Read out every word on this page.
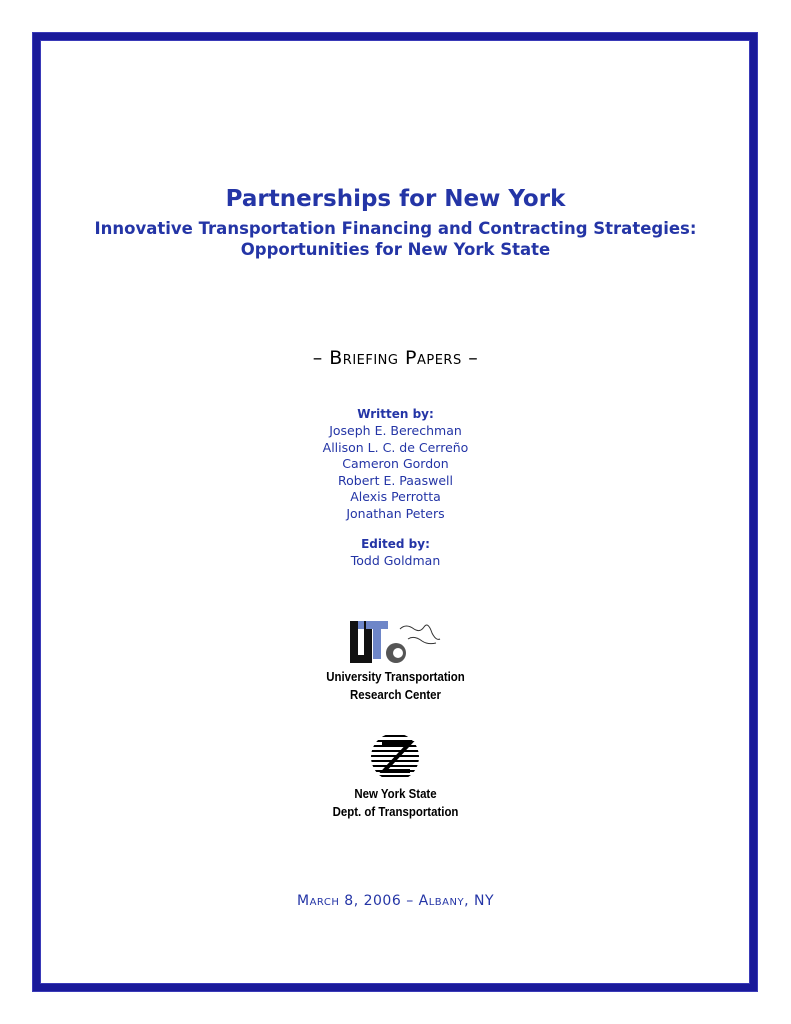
Partnerships for New York
Innovative Transportation Financing and Contracting Strategies:
Opportunities for New York State
– Briefing Papers –
Written by:
Joseph E. Berechman
Allison L. C. de Cerreño
Cameron Gordon
Robert E. Paaswell
Alexis Perrotta
Jonathan Peters
Edited by:
Todd Goldman
University Transportation
Research Center
New York State
Dept. of Transportation
March 8, 2006 – Albany, NY
